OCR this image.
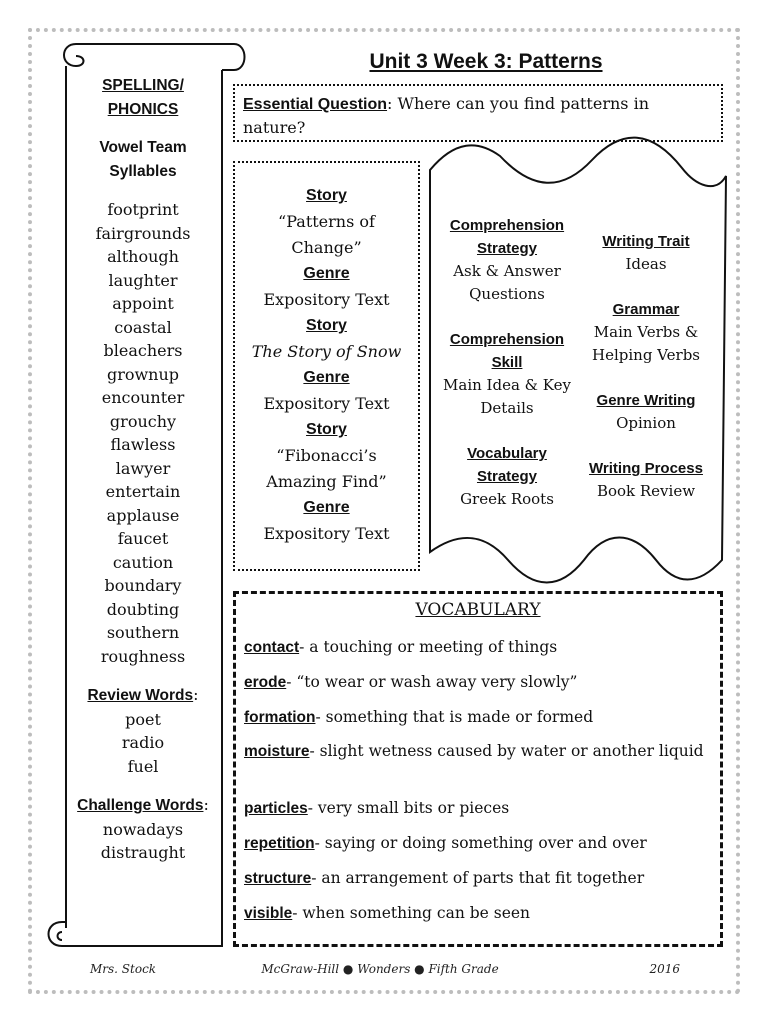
SPELLING/ PHONICS
Vowel Team Syllables
footprint
fairgrounds
although
laughter
appoint
coastal
bleachers
grownup
encounter
grouchy
flawless
lawyer
entertain
applause
faucet
caution
boundary
doubting
southern
roughness
Review Words:
poet
radio
fuel
Challenge Words:
nowadays
distraught
Unit 3 Week 3: Patterns
Essential Question: Where can you find patterns in nature?
Story
“Patterns of Change”
Genre
Expository Text
Story
The Story of Snow
Genre
Expository Text
Story
“Fibonacci’s Amazing Find”
Genre
Expository Text
Comprehension Strategy
Ask & Answer Questions
Comprehension Skill
Main Idea & Key Details
Vocabulary Strategy
Greek Roots
Writing Trait
Ideas
Grammar
Main Verbs & Helping Verbs
Genre Writing
Opinion
Writing Process
Book Review
VOCABULARY
contact- a touching or meeting of things
erode- “to wear or wash away very slowly”
formation- something that is made or formed
moisture- slight wetness caused by water or another liquid
particles- very small bits or pieces
repetition- saying or doing something over and over
structure- an arrangement of parts that fit together
visible- when something can be seen
Mrs. Stock	McGraw-Hill ● Wonders ● Fifth Grade	2016
